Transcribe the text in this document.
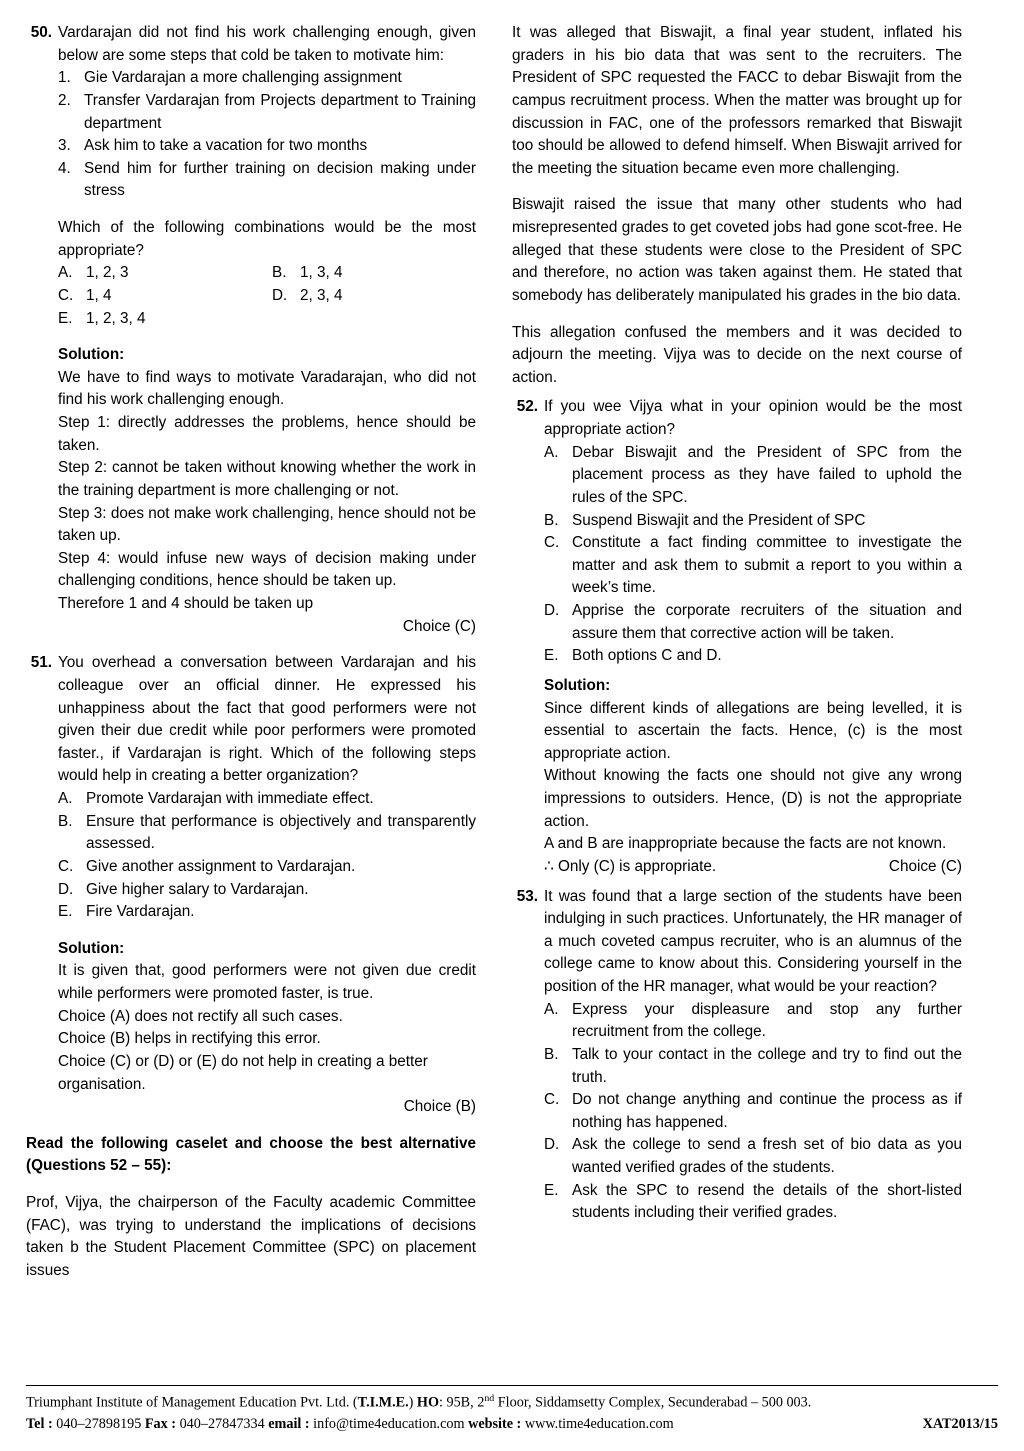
50. Vardarajan did not find his work challenging enough, given below are some steps that cold be taken to motivate him:
1. Gie Vardarajan a more challenging assignment
2. Transfer Vardarajan from Projects department to Training department
3. Ask him to take a vacation for two months
4. Send him for further training on decision making under stress
Which of the following combinations would be the most appropriate?
A. 1, 2, 3	B. 1, 3, 4
C. 1, 4	D. 2, 3, 4
E. 1, 2, 3, 4
Solution:
We have to find ways to motivate Varadarajan, who did not find his work challenging enough.
Step 1: directly addresses the problems, hence should be taken.
Step 2: cannot be taken without knowing whether the work in the training department is more challenging or not.
Step 3: does not make work challenging, hence should not be taken up.
Step 4: would infuse new ways of decision making under challenging conditions, hence should be taken up.
Therefore 1 and 4 should be taken up
Choice (C)
51. You overhead a conversation between Vardarajan and his colleague over an official dinner. He expressed his unhappiness about the fact that good performers were not given their due credit while poor performers were promoted faster., if Vardarajan is right. Which of the following steps would help in creating a better organization?
A. Promote Vardarajan with immediate effect.
B. Ensure that performance is objectively and transparently assessed.
C. Give another assignment to Vardarajan.
D. Give higher salary to Vardarajan.
E. Fire Vardarajan.
Solution:
It is given that, good performers were not given due credit while performers were promoted faster, is true.
Choice (A) does not rectify all such cases.
Choice (B) helps in rectifying this error.
Choice (C) or (D) or (E) do not help in creating a better organisation.
Choice (B)
Read the following caselet and choose the best alternative (Questions 52 – 55):
Prof, Vijya, the chairperson of the Faculty academic Committee (FAC), was trying to understand the implications of decisions taken b the Student Placement Committee (SPC) on placement issues
It was alleged that Biswajit, a final year student, inflated his graders in his bio data that was sent to the recruiters. The President of SPC requested the FACC to debar Biswajit from the campus recruitment process. When the matter was brought up for discussion in FAC, one of the professors remarked that Biswajit too should be allowed to defend himself. When Biswajit arrived for the meeting the situation became even more challenging.
Biswajit raised the issue that many other students who had misrepresented grades to get coveted jobs had gone scot-free. He alleged that these students were close to the President of SPC and therefore, no action was taken against them. He stated that somebody has deliberately manipulated his grades in the bio data.
This allegation confused the members and it was decided to adjourn the meeting. Vijya was to decide on the next course of action.
52. If you wee Vijya what in your opinion would be the most appropriate action?
A. Debar Biswajit and the President of SPC from the placement process as they have failed to uphold the rules of the SPC.
B. Suspend Biswajit and the President of SPC
C. Constitute a fact finding committee to investigate the matter and ask them to submit a report to you within a week’s time.
D. Apprise the corporate recruiters of the situation and assure them that corrective action will be taken.
E. Both options C and D.
Solution:
Since different kinds of allegations are being levelled, it is essential to ascertain the facts. Hence, (c) is the most appropriate action.
Without knowing the facts one should not give any wrong impressions to outsiders. Hence, (D) is not the appropriate action.
A and B are inappropriate because the facts are not known.
∴ Only (C) is appropriate.	Choice (C)
53. It was found that a large section of the students have been indulging in such practices. Unfortunately, the HR manager of a much coveted campus recruiter, who is an alumnus of the college came to know about this. Considering yourself in the position of the HR manager, what would be your reaction?
A. Express your displeasure and stop any further recruitment from the college.
B. Talk to your contact in the college and try to find out the truth.
C. Do not change anything and continue the process as if nothing has happened.
D. Ask the college to send a fresh set of bio data as you wanted verified grades of the students.
E. Ask the SPC to resend the details of the short-listed students including their verified grades.
Triumphant Institute of Management Education Pvt. Ltd. (T.I.M.E.) HO: 95B, 2nd Floor, Siddamsetty Complex, Secunderabad – 500 003.
Tel : 040–27898195 Fax : 040–27847334 email : info@time4education.com website : www.time4education.com	XAT2013/15
